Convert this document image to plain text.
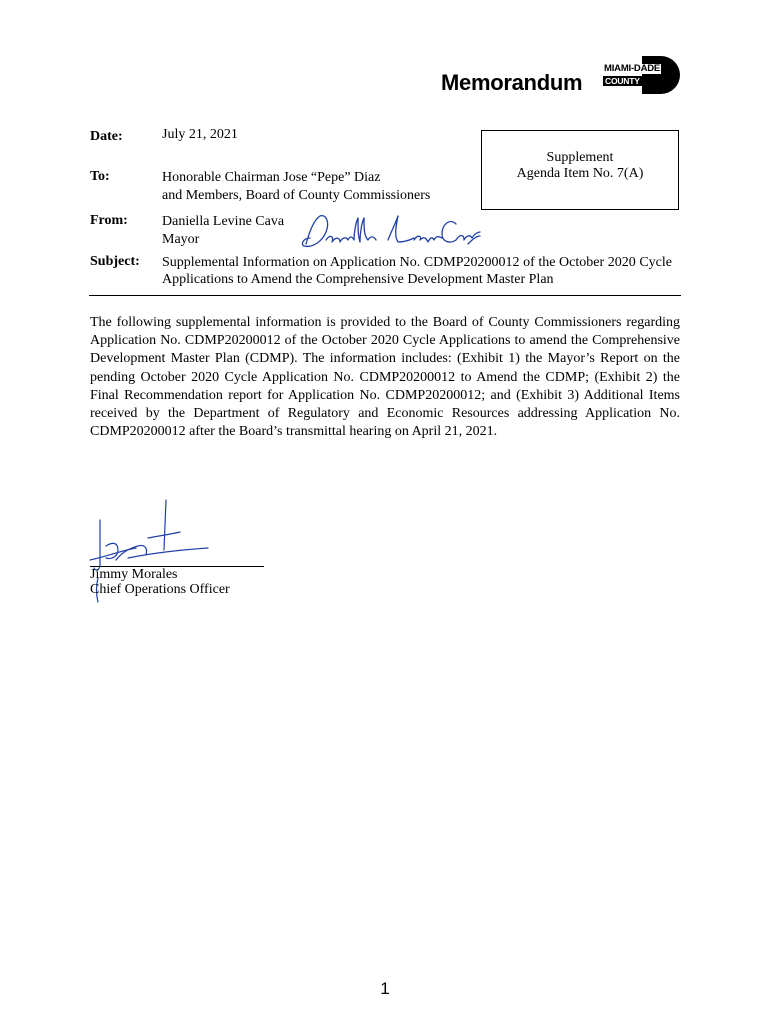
Memorandum
MIAMI-DADE
COUNTY
Date:	July 21, 2021
To:	Honorable Chairman Jose “Pepe” Diaz
and Members, Board of County Commissioners
Supplement
Agenda Item No. 7(A)
From: Daniella Levine Cava
Mayor
Subject: Supplemental Information on Application No. CDMP20200012 of the October 2020 Cycle Applications to Amend the Comprehensive Development Master Plan
The following supplemental information is provided to the Board of County Commissioners regarding Application No. CDMP20200012 of the October 2020 Cycle Applications to amend the Comprehensive Development Master Plan (CDMP). The information includes: (Exhibit 1) the Mayor’s Report on the pending October 2020 Cycle Application No. CDMP20200012 to Amend the CDMP; (Exhibit 2) the Final Recommendation report for Application No. CDMP20200012; and (Exhibit 3) Additional Items received by the Department of Regulatory and Economic Resources addressing Application No. CDMP20200012 after the Board’s transmittal hearing on April 21, 2021.
Jimmy Morales
Chief Operations Officer
1
